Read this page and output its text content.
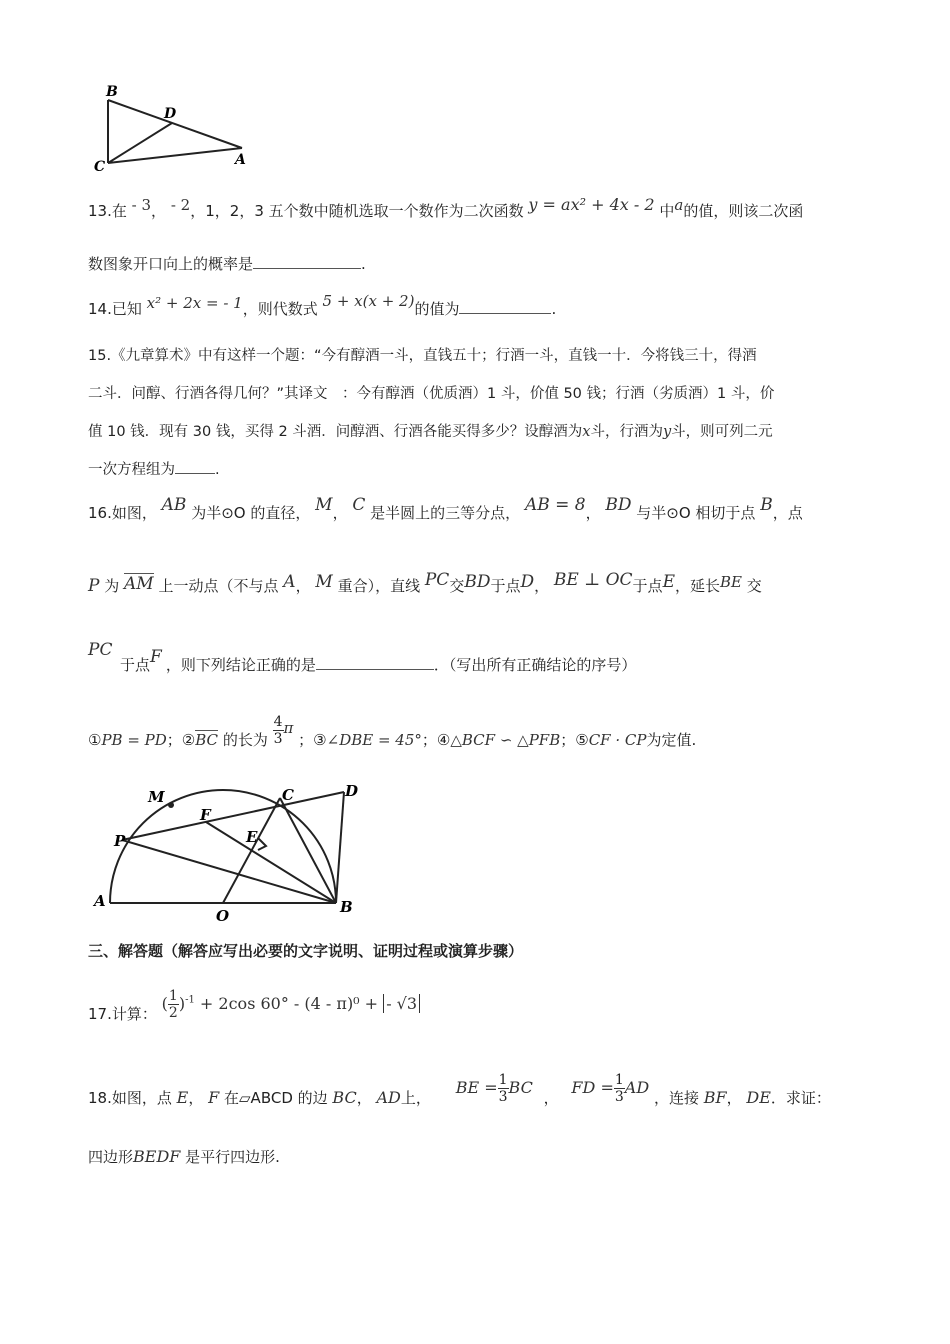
B
D
C	A
13.在 - 3， - 2，1，2，3 五个数中随机选取一个数作为二次函数 y = ax² + 4x - 2 中a的值，则该二次函
数图象开口向上的概率是	.
14.已知 x² + 2x = - 1，则代数式 5 + x(x + 2)的值为	.
15.《九章算术》中有这样一个题：“今有醇酒一斗，直钱五十；行酒一斗，直钱一十．今将钱三十，得酒
二斗．问醇、行酒各得几何？”其译文　：今有醇酒（优质酒）1 斗，价值 50 钱；行酒（劣质酒）1 斗，价
值 10 钱．现有 30 钱，买得 2 斗酒．问醇酒、行酒各能买得多少？设醇酒为x斗，行酒为y斗，则可列二元
一次方程组为	.
16.如图， AB 为半⊙O 的直径， M， C 是半圆上的三等分点， AB = 8， BD 与半⊙O 相切于点 B，点
P 为 AM 上一动点（不与点 A， M 重合），直线 PC交BD于点D， BE ⊥ OC于点E，延长BE 交
PC
于点F ，则下列结论正确的是	．（写出所有正确结论的序号）
①PB = PD；②BC 的长为 $\frac{4}{3}$ π ；③∠DBE = 45°；④△BCF ∽ △PFB；⑤CF · CP为定值.
M	C	D
F
P	E
A
O	B
三、解答题（解答应写出必要的文字说明、证明过程或演算步骤）
17.计算： ( $\frac{1}{2} )^{-1} + 2\cos$ 60° - (4 - π)⁰ + - √3
18.如图，点 E， F 在▱ABCD 的边 BC， AD上， BE = $\frac{1}{3}$ BC ， FD = $\frac{1}{3}$ AD ，连接 BF， DE．求证：
四边形BEDF 是平行四边形.
